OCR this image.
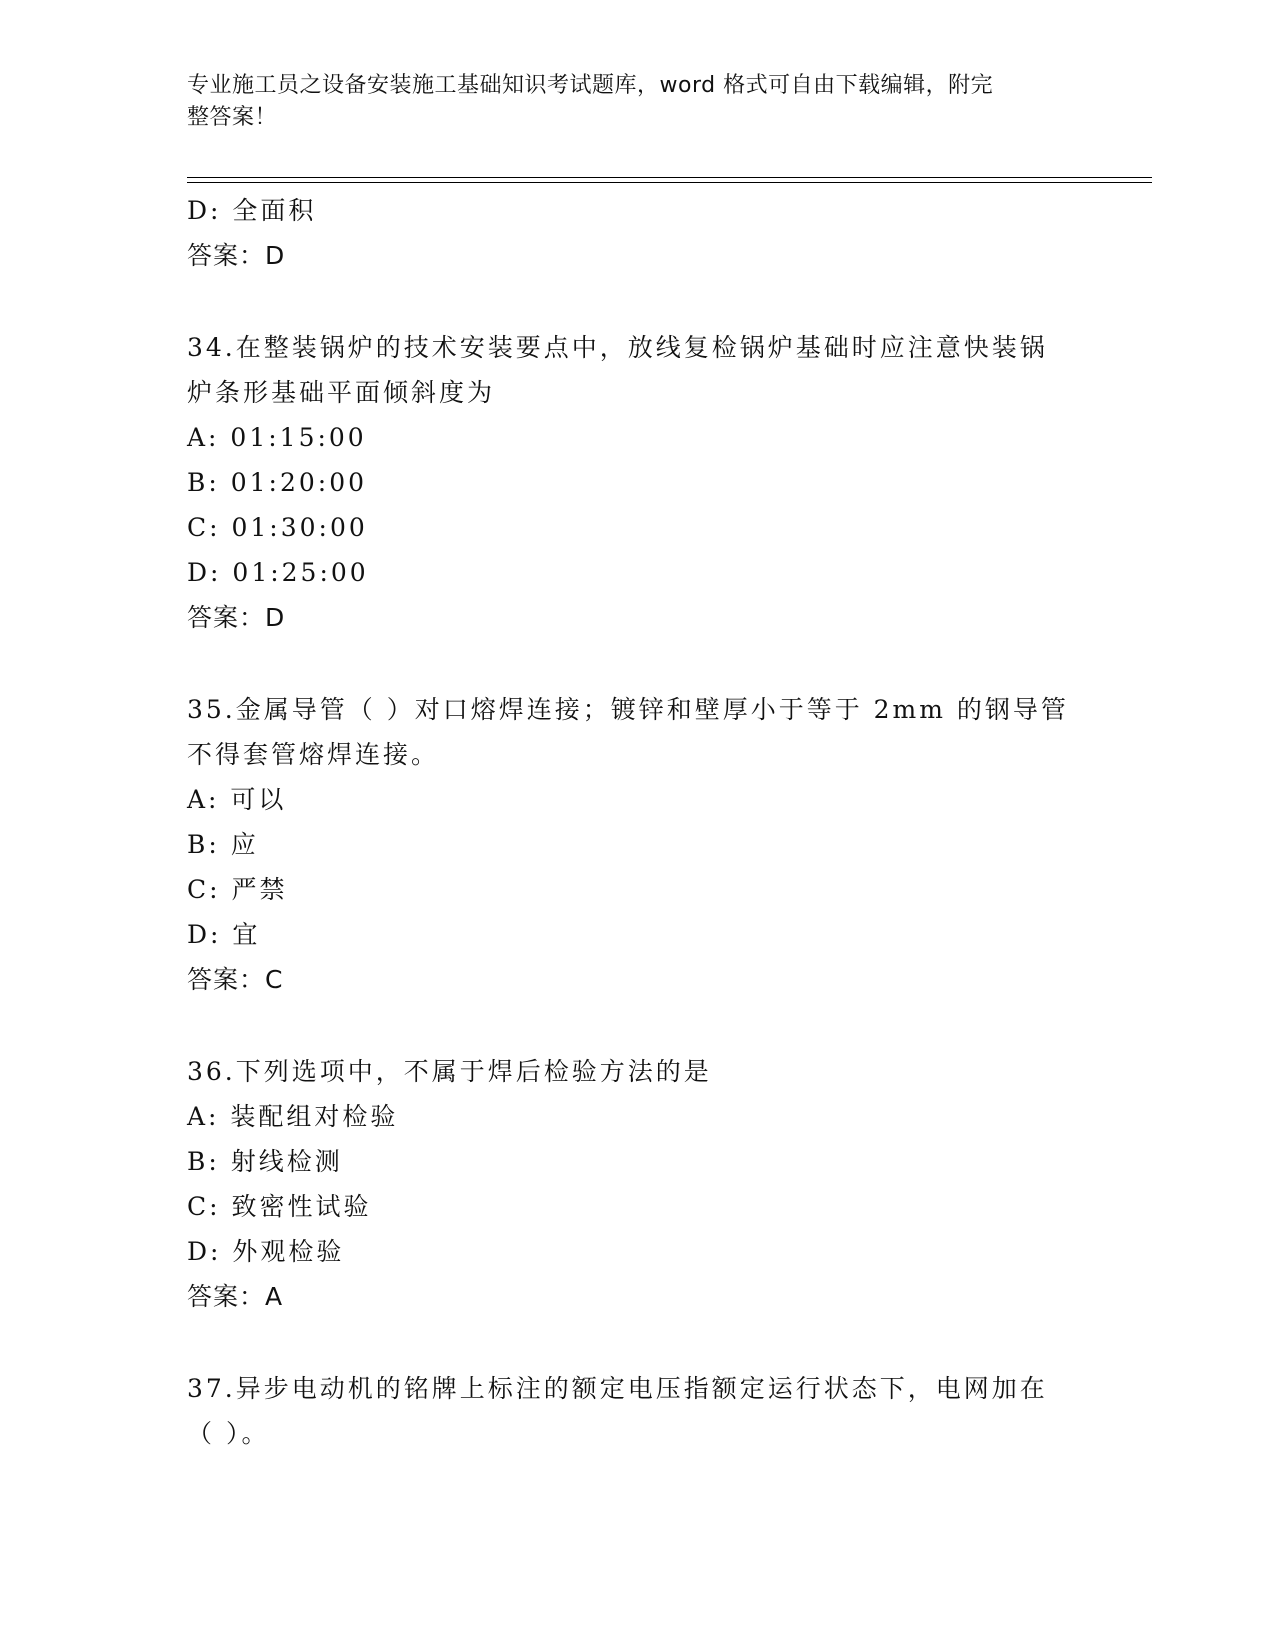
专业施工员之设备安装施工基础知识考试题库，word 格式可自由下载编辑，附完
整答案！
D: 全面积
答案：D
34.在整装锅炉的技术安装要点中，放线复检锅炉基础时应注意快装锅
炉条形基础平面倾斜度为
A: 01:15:00
B: 01:20:00
C: 01:30:00
D: 01:25:00
答案：D
35.金属导管（ ）对口熔焊连接；镀锌和壁厚小于等于 2mm 的钢导管
不得套管熔焊连接。
A: 可以
B: 应
C: 严禁
D: 宜
答案：C
36.下列选项中，不属于焊后检验方法的是
A: 装配组对检验
B: 射线检测
C: 致密性试验
D: 外观检验
答案：A
37.异步电动机的铭牌上标注的额定电压指额定运行状态下，电网加在
（ ）。
